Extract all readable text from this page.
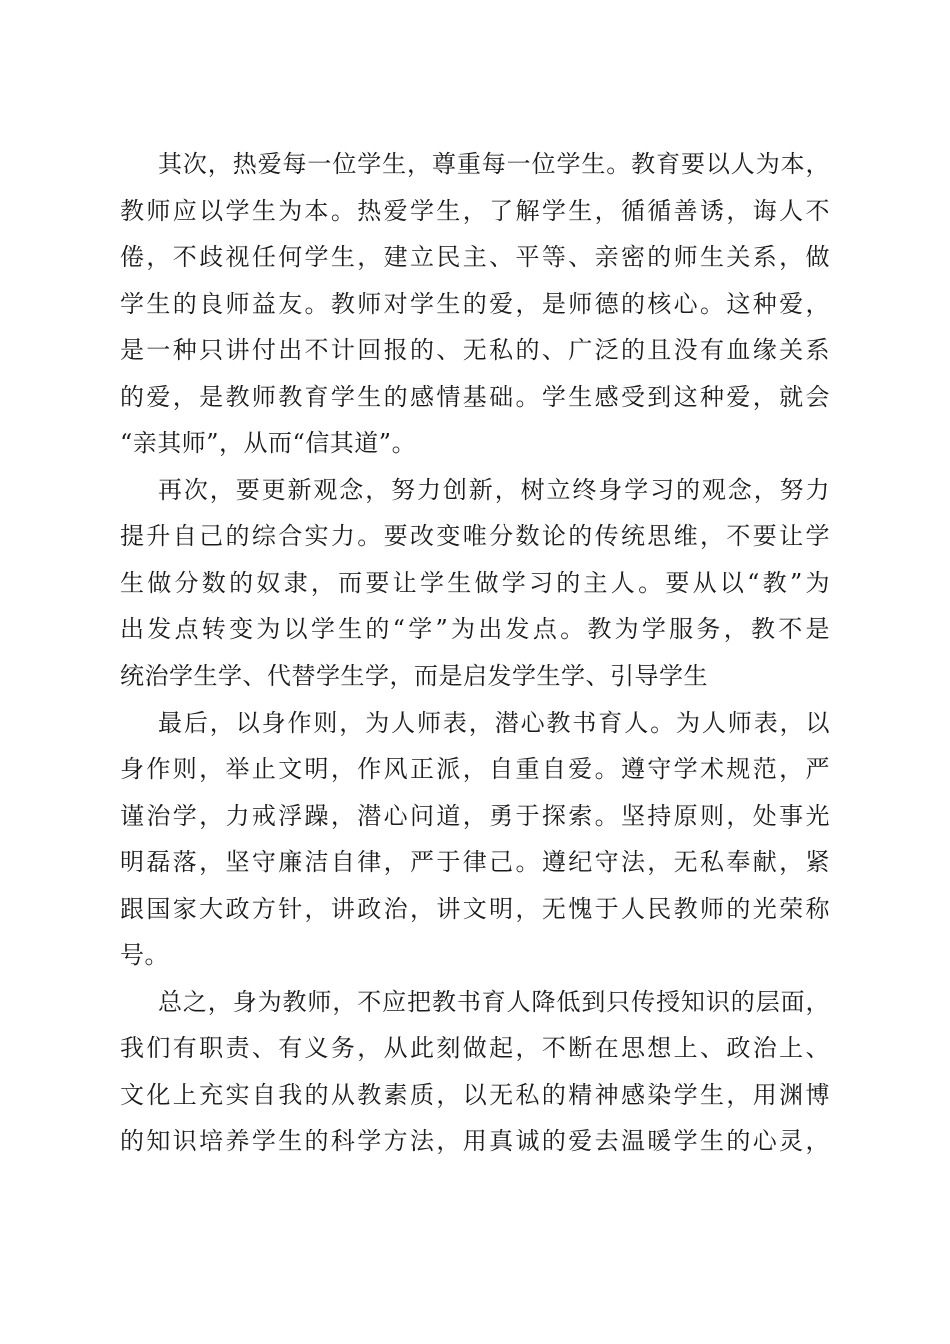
其次，热爱每一位学生，尊重每一位学生。教育要以人为本，
教师应以学生为本。热爱学生，了解学生，循循善诱，诲人不
倦，不歧视任何学生，建立民主、平等、亲密的师生关系，做
学生的良师益友。教师对学生的爱，是师德的核心。这种爱，
是一种只讲付出不计回报的、无私的、广泛的且没有血缘关系
的爱，是教师教育学生的感情基础。学生感受到这种爱，就会
“亲其师”，从而“信其道”。
再次，要更新观念，努力创新，树立终身学习的观念，努力
提升自己的综合实力。要改变唯分数论的传统思维，不要让学
生做分数的奴隶，而要让学生做学习的主人。要从以“教”为
出发点转变为以学生的“学”为出发点。教为学服务，教不是
统治学生学、代替学生学，而是启发学生学、引导学生
最后，以身作则，为人师表，潜心教书育人。为人师表，以
身作则，举止文明，作风正派，自重自爱。遵守学术规范，严
谨治学，力戒浮躁，潜心问道，勇于探索。坚持原则，处事光
明磊落，坚守廉洁自律，严于律己。遵纪守法，无私奉献，紧
跟国家大政方针，讲政治，讲文明，无愧于人民教师的光荣称
号。
总之，身为教师，不应把教书育人降低到只传授知识的层面，
我们有职责、有义务，从此刻做起，不断在思想上、政治上、
文化上充实自我的从教素质，以无私的精神感染学生，用渊博
的知识培养学生的科学方法，用真诚的爱去温暖学生的心灵，
